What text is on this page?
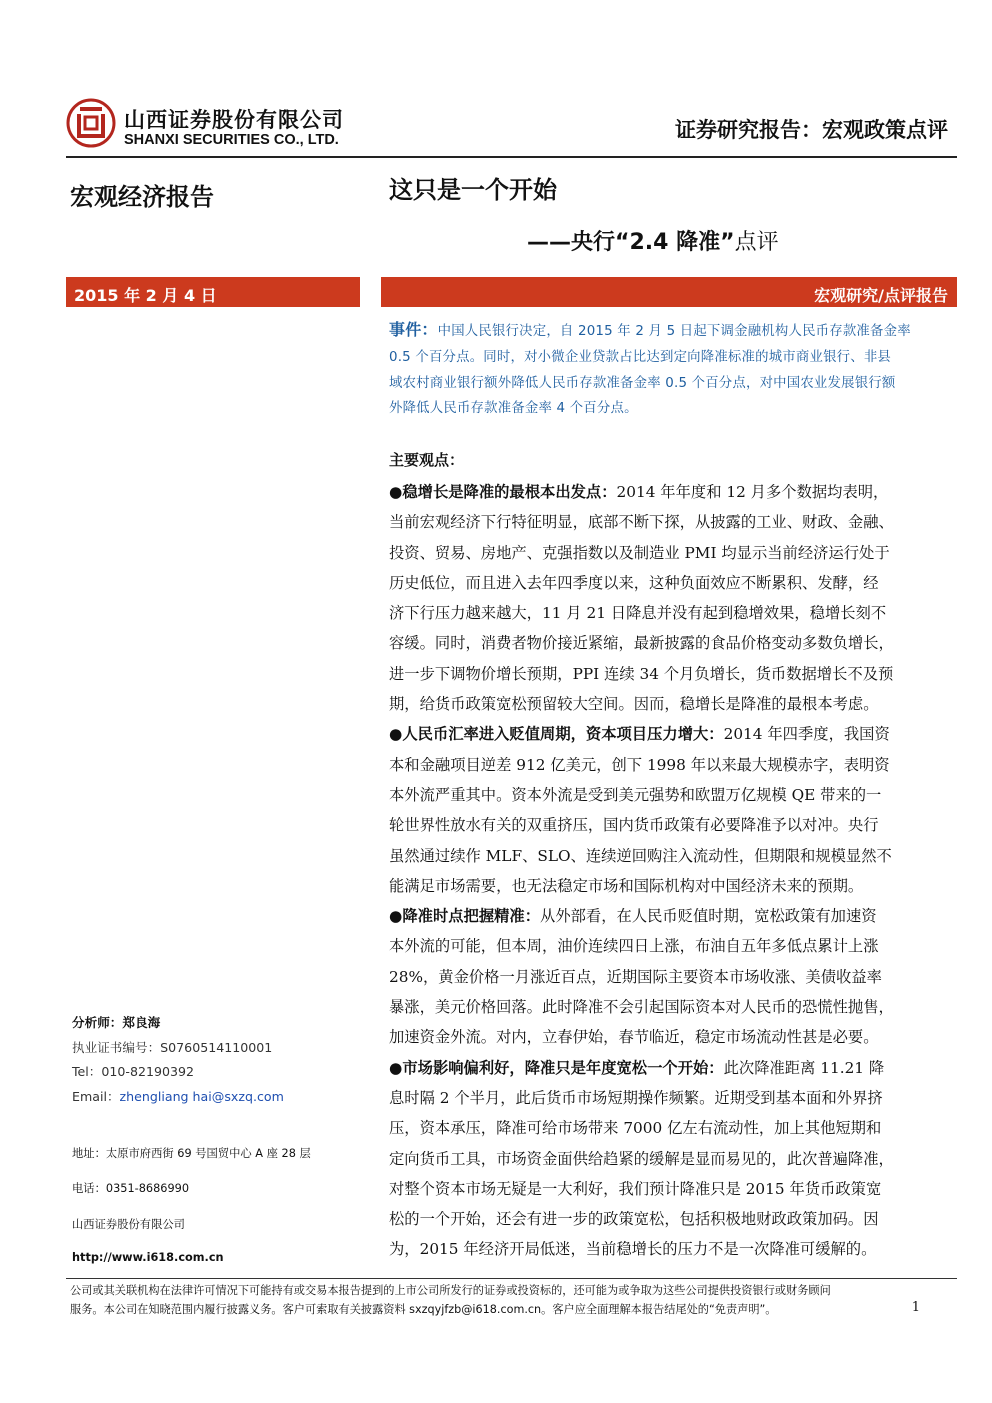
山西证券股份有限公司
SHANXI SECURITIES CO., LTD.	证券研究报告：宏观政策点评
宏观经济报告	这只是一个开始
——央行“2.4 降准”点评
2015 年 2 月 4 日	宏观研究/点评报告

事件：中国人民银行决定，自 2015 年 2 月 5 日起下调金融机构人民币存款准备金率

0.5 个百分点。同时，对小微企业贷款占比达到定向降准标准的城市商业银行、非县

域农村商业银行额外降低人民币存款准备金率 0.5 个百分点，对中国农业发展银行额

外降低人民币存款准备金率 4 个百分点。

主要观点：

●稳增长是降准的最根本出发点：2014 年年度和 12 月多个数据均表明，

当前宏观经济下行特征明显，底部不断下探，从披露的工业、财政、金融、

投资、贸易、房地产、克强指数以及制造业 PMI 均显示当前经济运行处于

历史低位，而且进入去年四季度以来，这种负面效应不断累积、发酵，经

济下行压力越来越大，11 月 21 日降息并没有起到稳增效果，稳增长刻不

容缓。同时，消费者物价接近紧缩，最新披露的食品价格变动多数负增长，

进一步下调物价增长预期，PPI 连续 34 个月负增长，货币数据增长不及预

期，给货币政策宽松预留较大空间。因而，稳增长是降准的最根本考虑。

●人民币汇率进入贬值周期，资本项目压力增大：2014 年四季度，我国资

本和金融项目逆差 912 亿美元，创下 1998 年以来最大规模赤字，表明资

本外流严重其中。资本外流是受到美元强势和欧盟万亿规模 QE 带来的一

轮世界性放水有关的双重挤压，国内货币政策有必要降准予以对冲。央行

虽然通过续作 MLF、SLO、连续逆回购注入流动性，但期限和规模显然不

能满足市场需要，也无法稳定市场和国际机构对中国经济未来的预期。

●降准时点把握精准：从外部看，在人民币贬值时期，宽松政策有加速资

本外流的可能，但本周，油价连续四日上涨，布油自五年多低点累计上涨

28%，黄金价格一月涨近百点，近期国际主要资本市场收涨、美债收益率

暴涨，美元价格回落。此时降准不会引起国际资本对人民币的恐慌性抛售，

加速资金外流。对内，立春伊始，春节临近，稳定市场流动性甚是必要。

●市场影响偏利好，降准只是年度宽松一个开始：此次降准距离 11.21 降

息时隔 2 个半月，此后货币市场短期操作频繁。近期受到基本面和外界挤

压，资本承压，降准可给市场带来 7000 亿左右流动性，加上其他短期和

定向货币工具，市场资金面供给趋紧的缓解是显而易见的，此次普遍降准，

对整个资本市场无疑是一大利好，我们预计降准只是 2015 年货币政策宽

松的一个开始，还会有进一步的政策宽松，包括积极地财政政策加码。因

为，2015 年经济开局低迷，当前稳增长的压力不是一次降准可缓解的。

分析师：郑良海

执业证书编号：S0760514110001

Tel：010-82190392

Email：zhengliang hai@sxzq.com

地址：太原市府西街 69 号国贸中心 A 座 28 层

电话：0351-8686990

山西证券股份有限公司

http://www.i618.com.cn

公司或其关联机构在法律许可情况下可能持有或交易本报告提到的上市公司所发行的证券或投资标的，还可能为或争取为这些公司提供投资银行或财务顾问

服务。本公司在知晓范围内履行披露义务。客户可索取有关披露资料 sxzqyjfzb@i618.com.cn。客户应全面理解本报告结尾处的“免责声明”。	1
